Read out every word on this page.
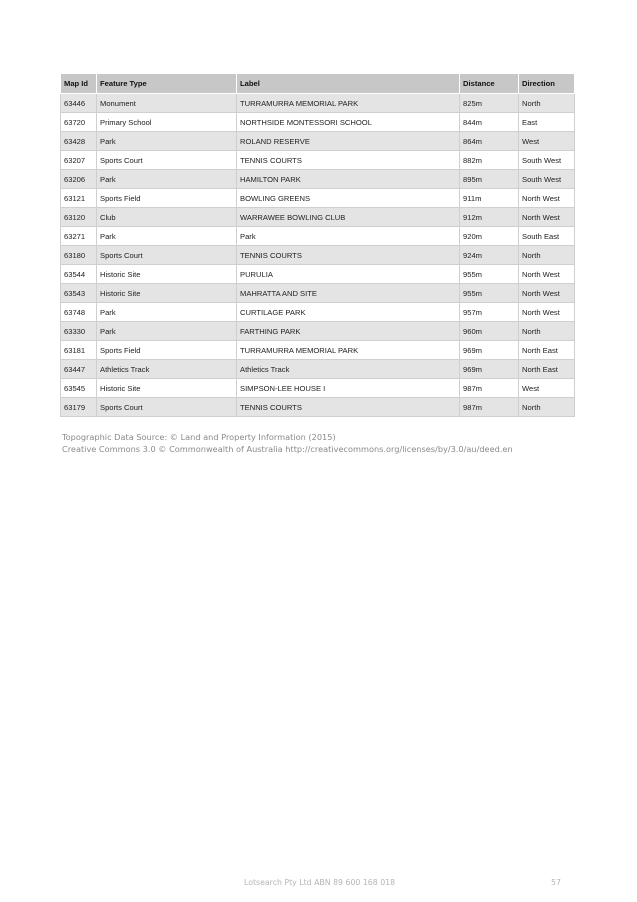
Map Id	Feature Type	Label	Distance	Direction
63446	Monument	TURRAMURRA MEMORIAL PARK	825m	North
63720	Primary School	NORTHSIDE MONTESSORI SCHOOL	844m	East
63428	Park	ROLAND RESERVE	864m	West
63207	Sports Court	TENNIS COURTS	882m	South West
63206	Park	HAMILTON PARK	895m	South West
63121	Sports Field	BOWLING GREENS	911m	North West
63120	Club	WARRAWEE BOWLING CLUB	912m	North West
63271	Park	Park	920m	South East
63180	Sports Court	TENNIS COURTS	924m	North
63544	Historic Site	PURULIA	955m	North West
63543	Historic Site	MAHRATTA AND SITE	955m	North West
63748	Park	CURTILAGE PARK	957m	North West
63330	Park	FARTHING PARK	960m	North
63181	Sports Field	TURRAMURRA MEMORIAL PARK	969m	North East
63447	Athletics Track	Athletics Track	969m	North East
63545	Historic Site	SIMPSON-LEE HOUSE I	987m	West
63179	Sports Court	TENNIS COURTS	987m	North
Topographic Data Source: © Land and Property Information (2015)
Creative Commons 3.0 © Commonwealth of Australia http://creativecommons.org/licenses/by/3.0/au/deed.en
Lotsearch Pty Ltd ABN 89 600 168 018	57
